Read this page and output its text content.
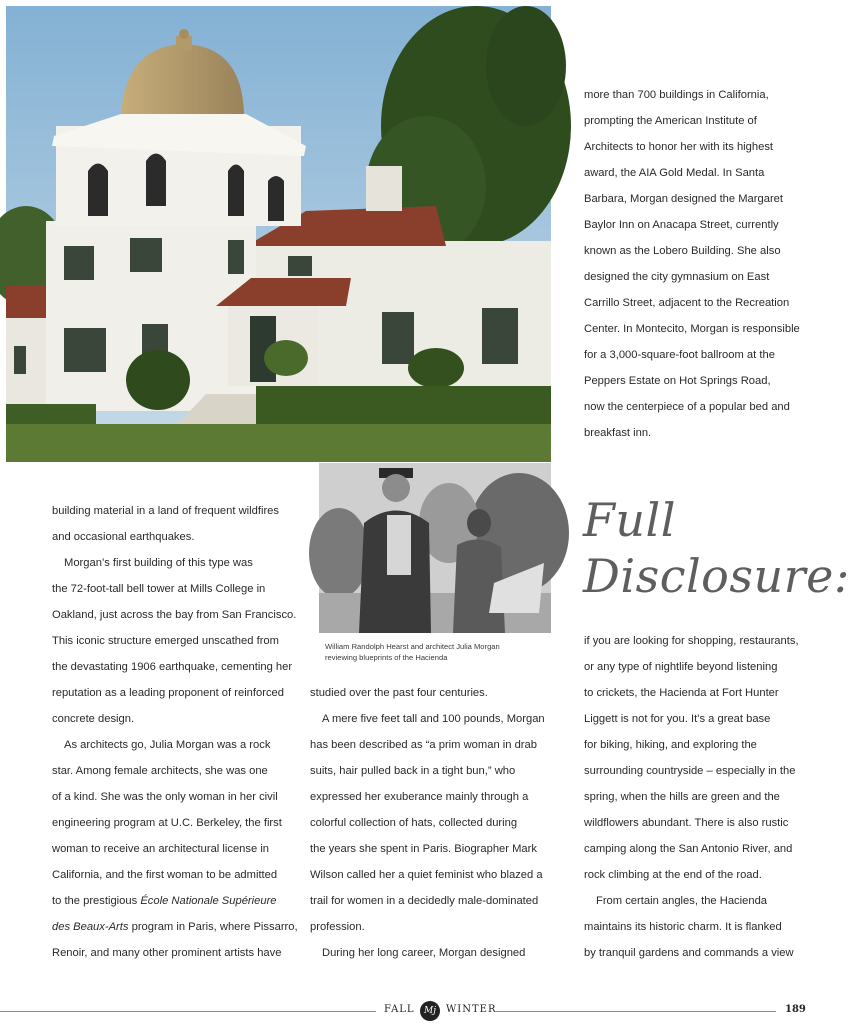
more than 700 buildings in California,

prompting the American Institute of

Architects to honor her with its highest

award, the AIA Gold Medal. In Santa

Barbara, Morgan designed the Margaret

Baylor Inn on Anacapa Street, currently

known as the Lobero Building. She also

designed the city gymnasium on East

Carrillo Street, adjacent to the Recreation

Center. In Montecito, Morgan is responsible

for a 3,000-square-foot ballroom at the

Peppers Estate on Hot Springs Road,

now the centerpiece of a popular bed and

breakfast inn.

William Randolph Hearst and architect Julia Morgan
reviewing blueprints of the Hacienda

building material in a land of frequent wildfires

and occasional earthquakes.

Morgan’s first building of this type was

the 72-foot-tall bell tower at Mills College in

Oakland, just across the bay from San Francisco.

This iconic structure emerged unscathed from

the devastating 1906 earthquake, cementing her

reputation as a leading proponent of reinforced

concrete design.

As architects go, Julia Morgan was a rock

star. Among female architects, she was one

of a kind. She was the only woman in her civil

engineering program at U.C. Berkeley, the first

woman to receive an architectural license in

California, and the first woman to be admitted

to the prestigious École Nationale Supérieure

des Beaux-Arts program in Paris, where Pissarro,

Renoir, and many other prominent artists have

studied over the past four centuries.

A mere five feet tall and 100 pounds, Morgan

has been described as “a prim woman in drab

suits, hair pulled back in a tight bun,” who

expressed her exuberance mainly through a

colorful collection of hats, collected during

the years she spent in Paris. Biographer Mark

Wilson called her a quiet feminist who blazed a

trail for women in a decidedly male-dominated

profession.

During her long career, Morgan designed

Full
Disclosure:

if you are looking for shopping, restaurants,

or any type of nightlife beyond listening

to crickets, the Hacienda at Fort Hunter

Liggett is not for you. It’s a great base

for biking, hiking, and exploring the

surrounding countryside – especially in the

spring, when the hills are green and the

wildflowers abundant. There is also rustic

camping along the San Antonio River, and

rock climbing at the end of the road.

From certain angles, the Hacienda

maintains its historic charm. It is flanked

by tranquil gardens and commands a view

FALL	Mj	WINTER	189
